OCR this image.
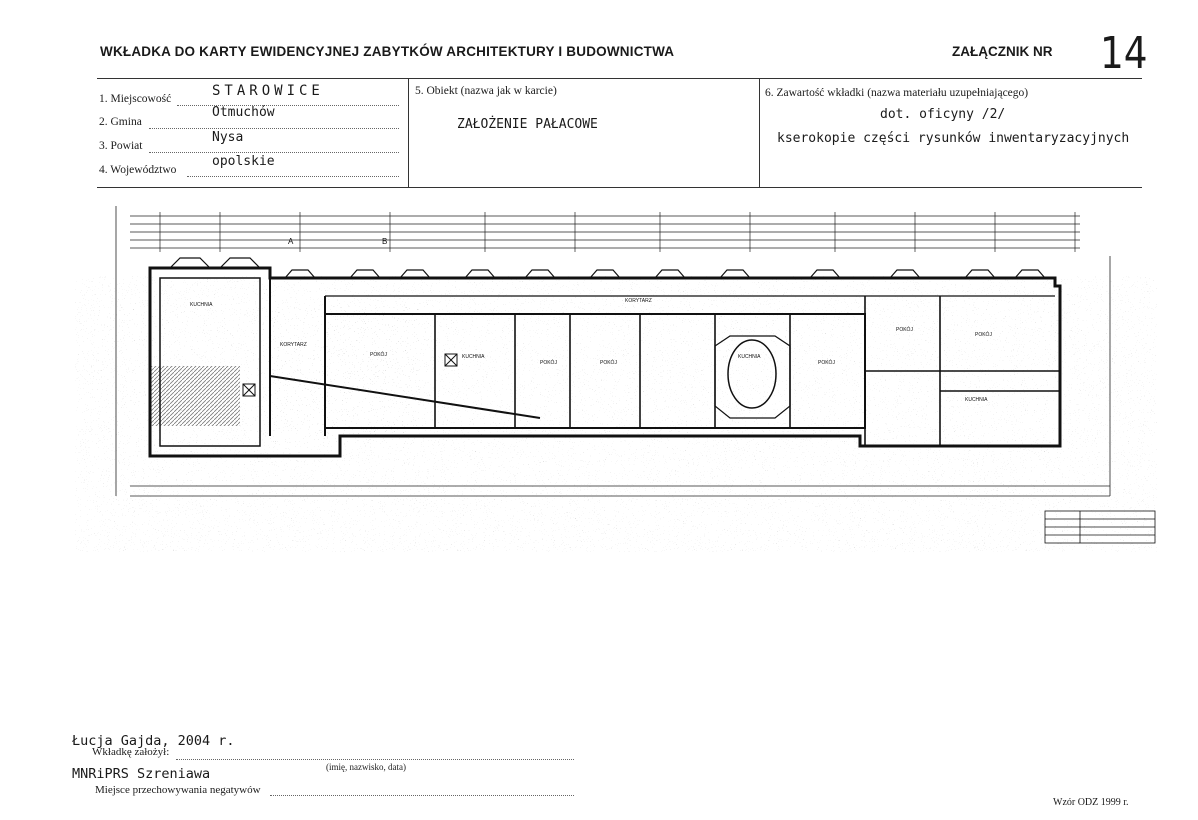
WKŁADKA DO KARTY EWIDENCYJNEJ ZABYTKÓW ARCHITEKTURY I BUDOWNICTWA	ZAŁĄCZNIK NR 14
1. Miejscowość	STAROWICE
2. Gmina
Otmuchów
3. Powiat
Nysa
4. Województwo
opolskie
5. Obiekt (nazwa jak w karcie)
ZAŁOŻENIE PAŁACOWE
6. Zawartość wkładki (nazwa materiału uzupełniającego)
dot. oficyny /2/
kserokopie części rysunków inwentaryzacyjnych
A	B
KUCHNIA
KORYTARZ
POKÓJ	KUCHNIA
POKÓJ	POKÓJ
KUCHNIA
POKÓJ
POKÓJ
POKÓJ
KUCHNIA
KORYTARZ
Łucja Gajda, 2004 r.
Wkładkę założył:
(imię, nazwisko, data)
MNRiPRS Szreniawa
Miejsce przechowywania negatywów
Wzór ODZ 1999 r.
